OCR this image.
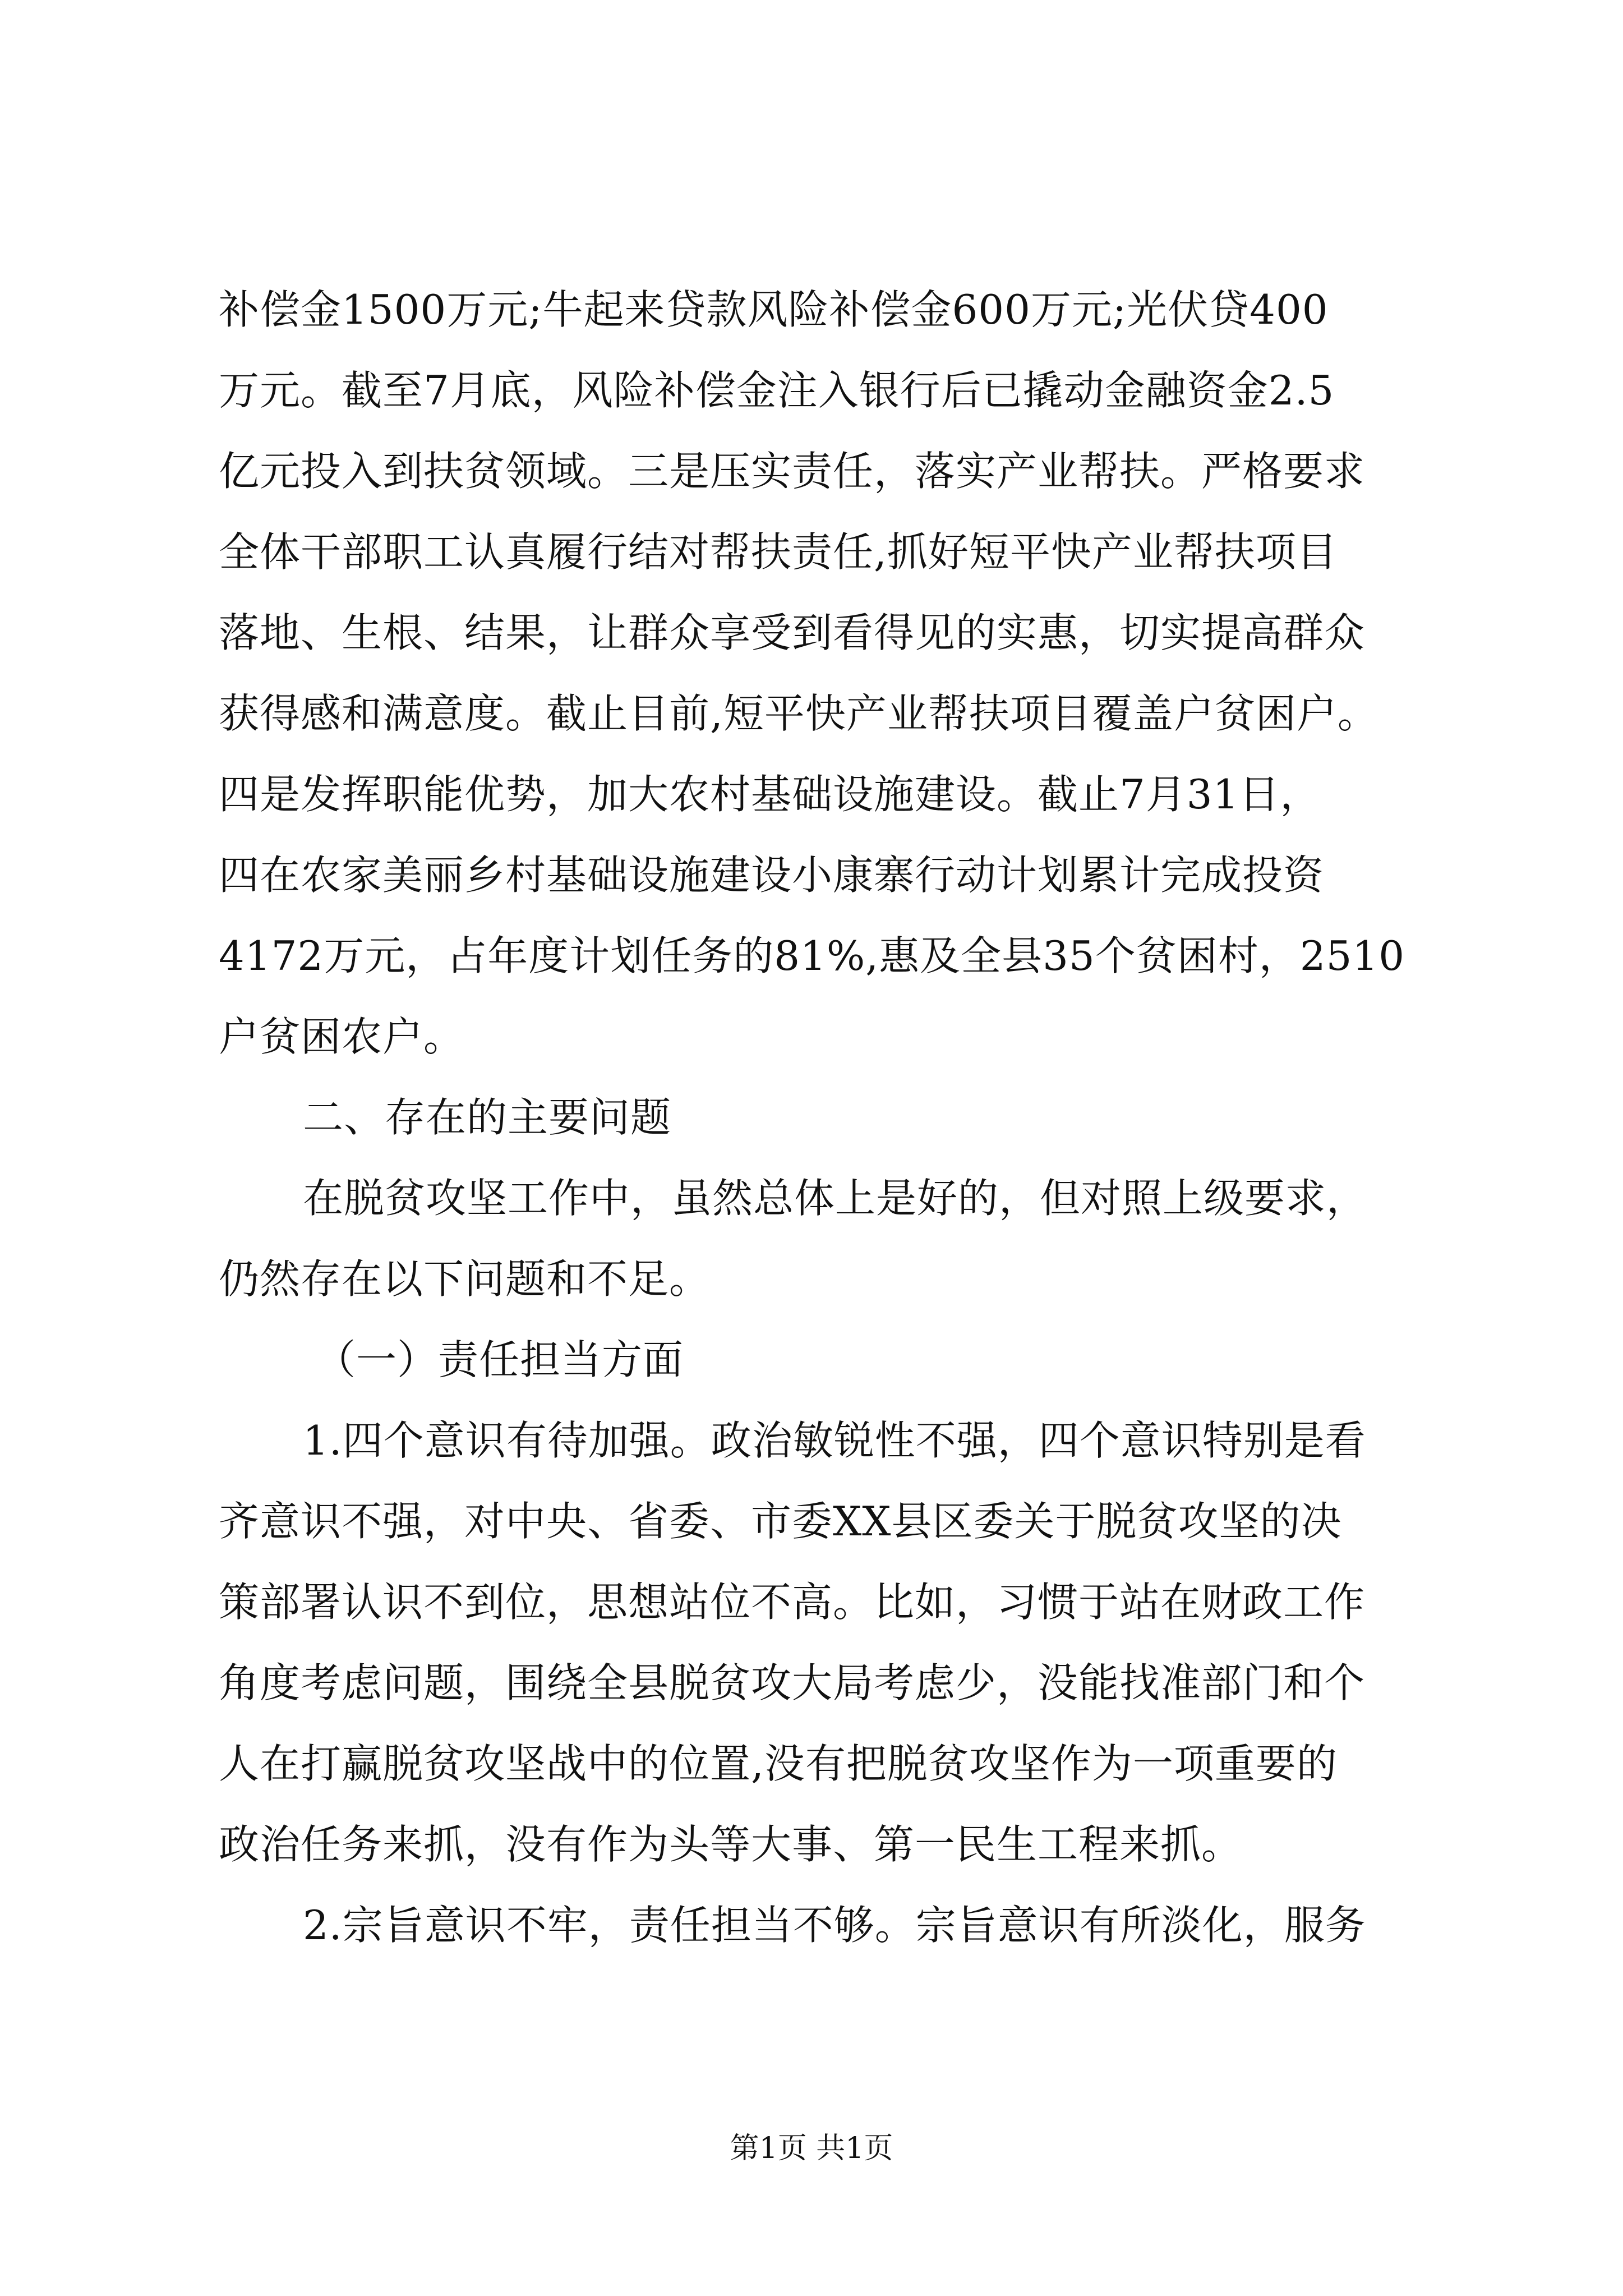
补偿金1500万元;牛起来贷款风险补偿金600万元;光伏贷400
万元。截至7月底，风险补偿金注入银行后已撬动金融资金2.5
亿元投入到扶贫领域。三是压实责任，落实产业帮扶。严格要求
全体干部职工认真履行结对帮扶责任,抓好短平快产业帮扶项目
落地、生根、结果，让群众享受到看得见的实惠，切实提高群众
获得感和满意度。截止目前,短平快产业帮扶项目覆盖户贫困户。
四是发挥职能优势，加大农村基础设施建设。截止7月31日，
四在农家美丽乡村基础设施建设小康寨行动计划累计完成投资
4172万元，占年度计划任务的81%,惠及全县35个贫困村，2510
户贫困农户。
二、存在的主要问题
在脱贫攻坚工作中，虽然总体上是好的，但对照上级要求，
仍然存在以下问题和不足。
（一）责任担当方面
1.四个意识有待加强。政治敏锐性不强，四个意识特别是看
齐意识不强，对中央、省委、市委XX县区委关于脱贫攻坚的决
策部署认识不到位，思想站位不高。比如，习惯于站在财政工作
角度考虑问题，围绕全县脱贫攻大局考虑少，没能找准部门和个
人在打赢脱贫攻坚战中的位置,没有把脱贫攻坚作为一项重要的
政治任务来抓，没有作为头等大事、第一民生工程来抓。
2.宗旨意识不牢，责任担当不够。宗旨意识有所淡化，服务
第1页 共1页
